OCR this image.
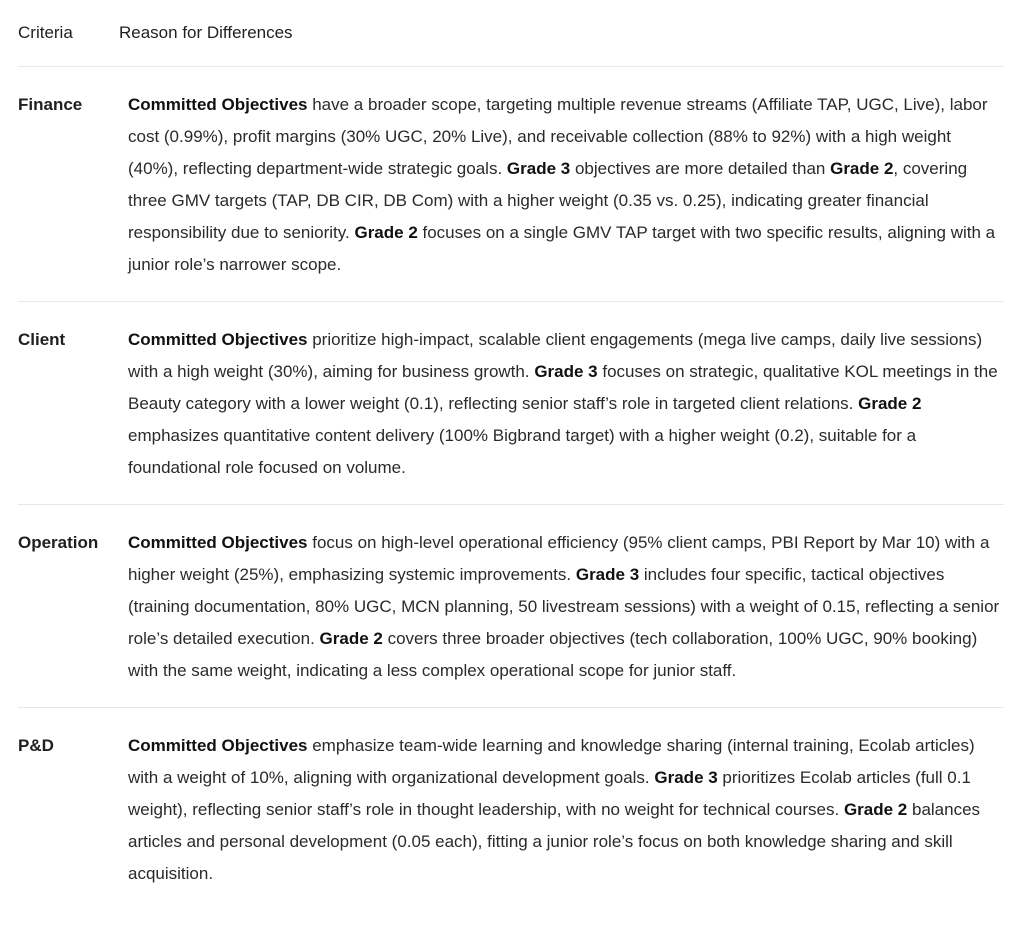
Criteria	Reason for Differences
Finance	Committed Objectives have a broader scope, targeting multiple revenue streams (Affiliate TAP, UGC, Live), labor cost (0.99%), profit margins (30% UGC, 20% Live), and receivable collection (88% to 92%) with a high weight (40%), reflecting department-wide strategic goals. Grade 3 objectives are more detailed than Grade 2, covering three GMV targets (TAP, DB CIR, DB Com) with a higher weight (0.35 vs. 0.25), indicating greater financial responsibility due to seniority. Grade 2 focuses on a single GMV TAP target with two specific results, aligning with a junior role’s narrower scope.
Client	Committed Objectives prioritize high-impact, scalable client engagements (mega live camps, daily live sessions) with a high weight (30%), aiming for business growth. Grade 3 focuses on strategic, qualitative KOL meetings in the Beauty category with a lower weight (0.1), reflecting senior staff’s role in targeted client relations. Grade 2 emphasizes quantitative content delivery (100% Bigbrand target) with a higher weight (0.2), suitable for a foundational role focused on volume.
Operation	Committed Objectives focus on high-level operational efficiency (95% client camps, PBI Report by Mar 10) with a higher weight (25%), emphasizing systemic improvements. Grade 3 includes four specific, tactical objectives (training documentation, 80% UGC, MCN planning, 50 livestream sessions) with a weight of 0.15, reflecting a senior role’s detailed execution. Grade 2 covers three broader objectives (tech collaboration, 100% UGC, 90% booking) with the same weight, indicating a less complex operational scope for junior staff.
P&D	Committed Objectives emphasize team-wide learning and knowledge sharing (internal training, Ecolab articles) with a weight of 10%, aligning with organizational development goals. Grade 3 prioritizes Ecolab articles (full 0.1 weight), reflecting senior staff’s role in thought leadership, with no weight for technical courses. Grade 2 balances articles and personal development (0.05 each), fitting a junior role’s focus on both knowledge sharing and skill acquisition.
